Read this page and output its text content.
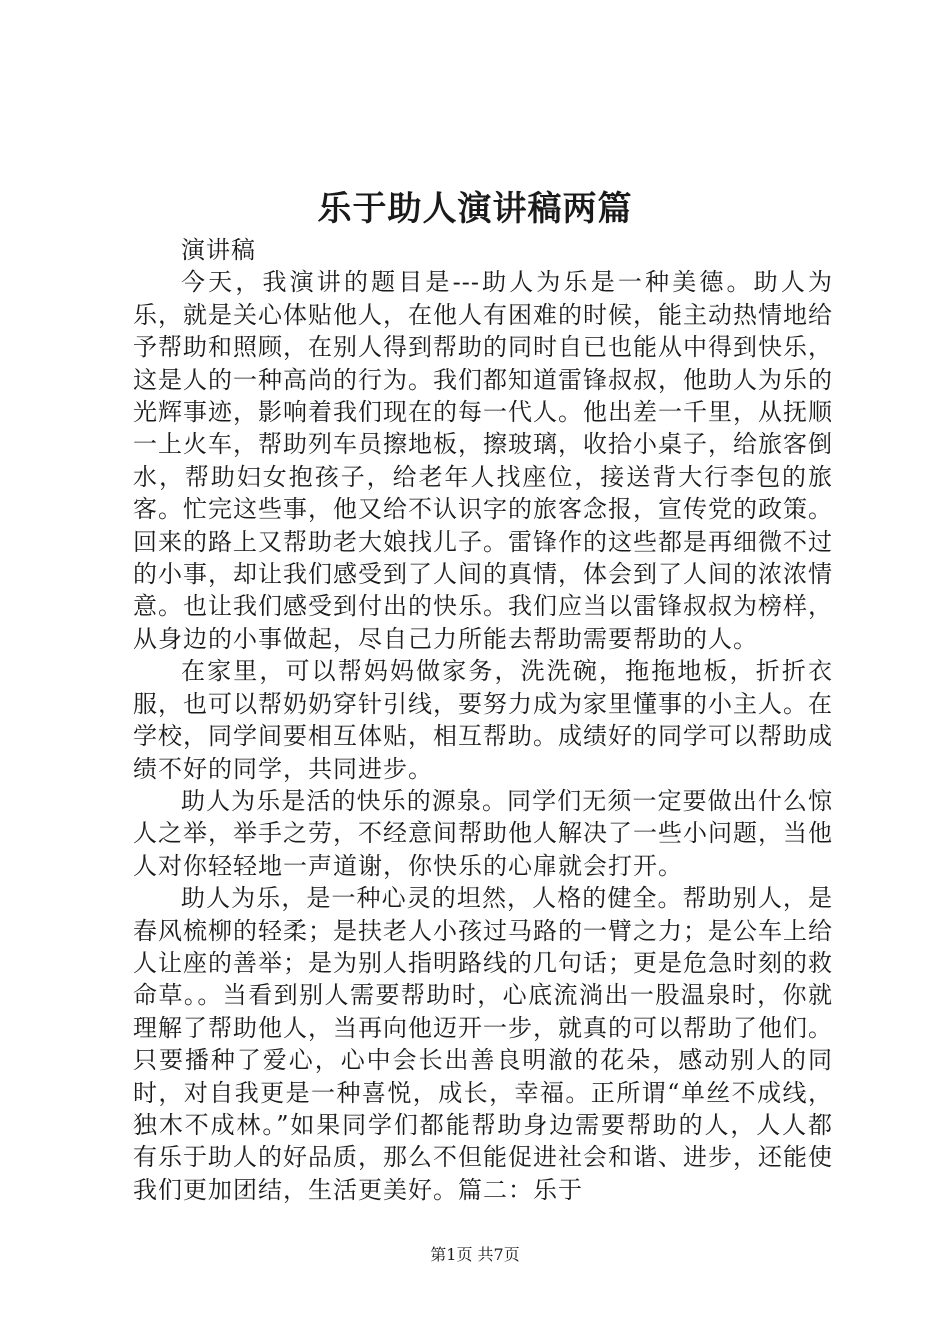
乐于助人演讲稿两篇

演讲稿

今天，我演讲的题目是---助人为乐是一种美德。助人为乐，就是关心体贴他人，在他人有困难的时候，能主动热情地给予帮助和照顾，在别人得到帮助的同时自已也能从中得到快乐，这是人的一种高尚的行为。我们都知道雷锋叔叔，他助人为乐的光辉事迹，影响着我们现在的每一代人。他出差一千里，从抚顺一上火车，帮助列车员擦地板，擦玻璃，收拾小桌子，给旅客倒水，帮助妇女抱孩子，给老年人找座位，接送背大行李包的旅客。忙完这些事，他又给不认识字的旅客念报，宣传党的政策。回来的路上又帮助老大娘找儿子。雷锋作的这些都是再细微不过的小事，却让我们感受到了人间的真情，体会到了人间的浓浓情意。也让我们感受到付出的快乐。我们应当以雷锋叔叔为榜样，从身边的小事做起，尽自己力所能去帮助需要帮助的人。

在家里，可以帮妈妈做家务，洗洗碗，拖拖地板，折折衣服，也可以帮奶奶穿针引线，要努力成为家里懂事的小主人。在学校，同学间要相互体贴，相互帮助。成绩好的同学可以帮助成绩不好的同学，共同进步。

助人为乐是活的快乐的源泉。同学们无须一定要做出什么惊人之举，举手之劳，不经意间帮助他人解决了一些小问题，当他人对你轻轻地一声道谢，你快乐的心扉就会打开。

助人为乐，是一种心灵的坦然，人格的健全。帮助别人，是春风梳柳的轻柔；是扶老人小孩过马路的一臂之力；是公车上给人让座的善举；是为别人指明路线的几句话；更是危急时刻的救命草。。当看到别人需要帮助时，心底流淌出一股温泉时，你就理解了帮助他人，当再向他迈开一步，就真的可以帮助了他们。只要播种了爱心，心中会长出善良明澈的花朵，感动别人的同时，对自我更是一种喜悦，成长，幸福。正所谓“单丝不成线，独木不成林。”如果同学们都能帮助身边需要帮助的人，人人都有乐于助人的好品质，那么不但能促进社会和谐、进步，还能使我们更加团结，生活更美好。篇二：乐于

第1页 共7页
